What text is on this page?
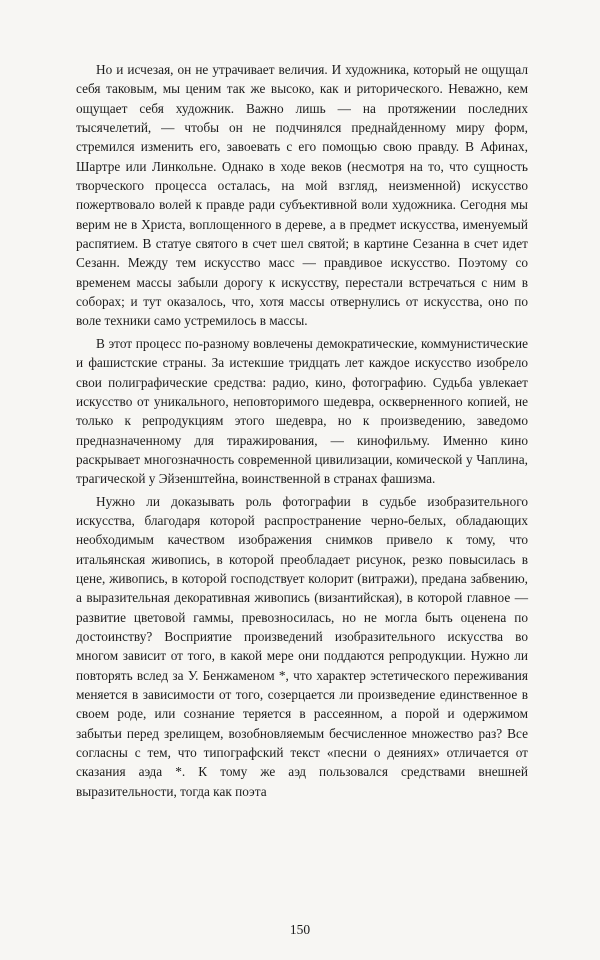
Но и исчезая, он не утрачивает величия. И художника, который не ощущал себя таковым, мы ценим так же высоко, как и риторического. Неважно, кем ощущает себя художник. Важно лишь — на протяжении последних тысячелетий, — чтобы он не подчинялся преднайденному миру форм, стремился изменить его, завоевать с его помощью свою правду. В Афинах, Шартре или Линкольне. Однако в ходе веков (несмотря на то, что сущность творческого процесса осталась, на мой взгляд, неизменной) искусство пожертвовало волей к правде ради субъективной воли художника. Сегодня мы верим не в Христа, воплощенного в дереве, а в предмет искусства, именуемый распятием. В статуе святого в счет шел святой; в картине Сезанна в счет идет Сезанн. Между тем искусство масс — правдивое искусство. Поэтому со временем массы забыли дорогу к искусству, перестали встречаться с ним в соборах; и тут оказалось, что, хотя массы отвернулись от искусства, оно по воле техники само устремилось в массы.

В этот процесс по-разному вовлечены демократические, коммунистические и фашистские страны. За истекшие тридцать лет каждое искусство изобрело свои полиграфические средства: радио, кино, фотографию. Судьба увлекает искусство от уникального, неповторимого шедевра, оскверненного копией, не только к репродукциям этого шедевра, но к произведению, заведомо предназначенному для тиражирования, — кинофильму. Именно кино раскрывает многозначность современной цивилизации, комической у Чаплина, трагической у Эйзенштейна, воинственной в странах фашизма.

Нужно ли доказывать роль фотографии в судьбе изобразительного искусства, благодаря которой распространение черно-белых, обладающих необходимым качеством изображения снимков привело к тому, что итальянская живопись, в которой преобладает рисунок, резко повысилась в цене, живопись, в которой господствует колорит (витражи), предана забвению, а выразительная декоративная живопись (византийская), в которой главное — развитие цветовой гаммы, превозносилась, но не могла быть оценена по достоинству? Восприятие произведений изобразительного искусства во многом зависит от того, в какой мере они поддаются репродукции. Нужно ли повторять вслед за У. Бенжаменом *, что характер эстетического переживания меняется в зависимости от того, созерцается ли произведение единственное в своем роде, или сознание теряется в рассеянном, а порой и одержимом забытьи перед зрелищем, возобновляемым бесчисленное множество раз? Все согласны с тем, что типографский текст «песни о деяниях» отличается от сказания аэда *. К тому же аэд пользовался средствами внешней выразительности, тогда как поэта

150
